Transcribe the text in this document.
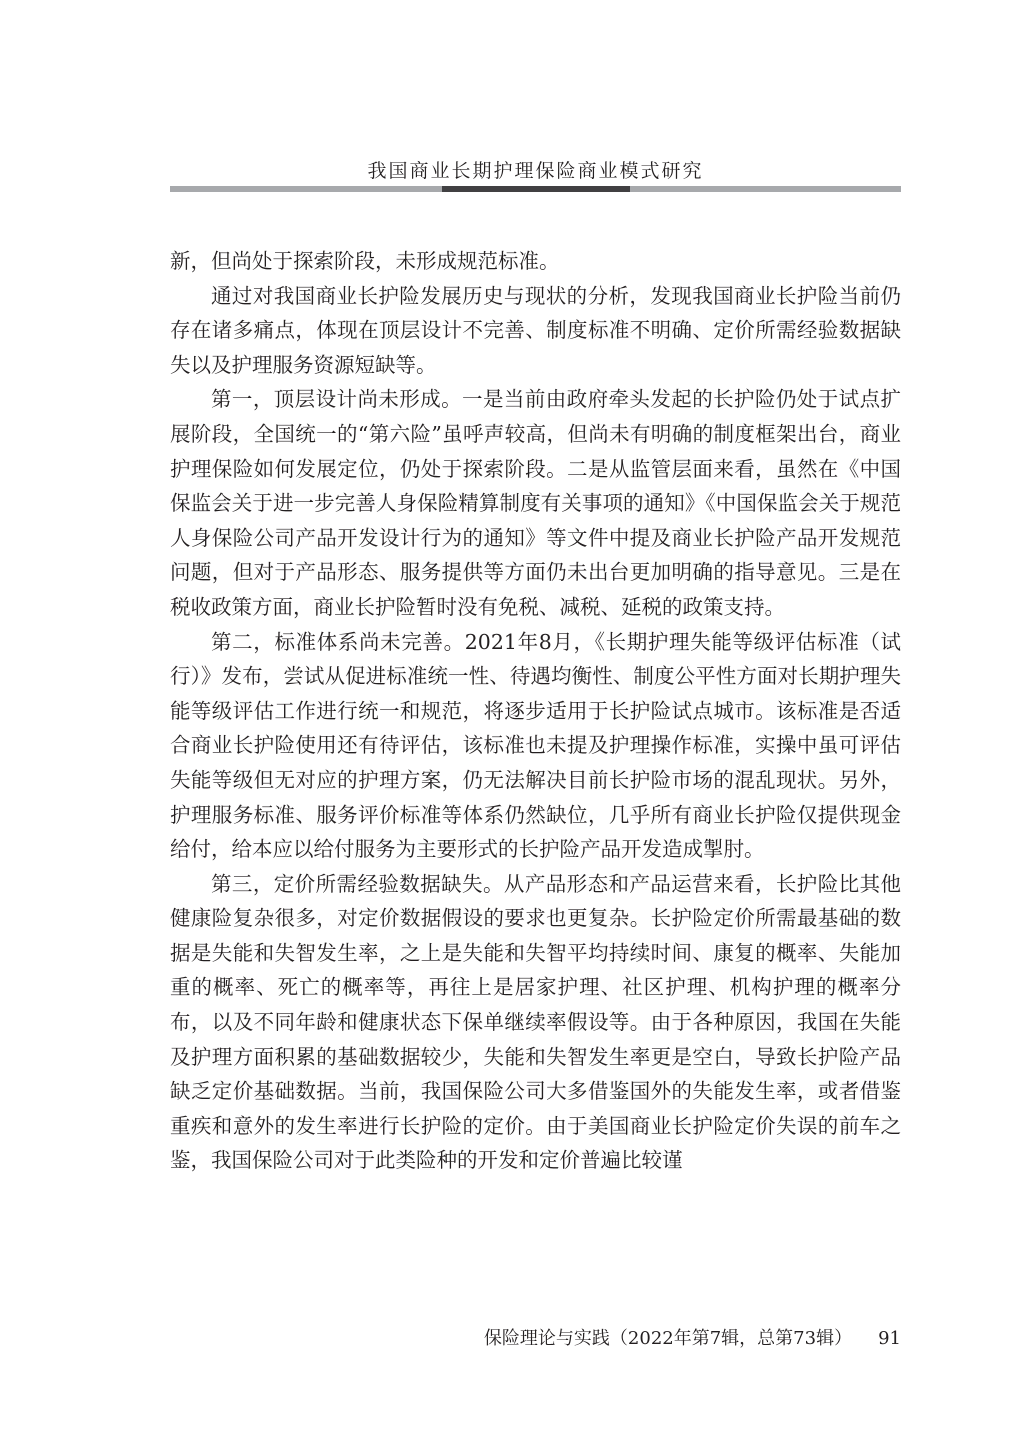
我国商业长期护理保险商业模式研究

新，但尚处于探索阶段，未形成规范标准。

通过对我国商业长护险发展历史与现状的分析，发现我国商业长护险当前仍存在诸多痛点，体现在顶层设计不完善、制度标准不明确、定价所需经验数据缺失以及护理服务资源短缺等。

第一，顶层设计尚未形成。一是当前由政府牵头发起的长护险仍处于试点扩展阶段，全国统一的“第六险”虽呼声较高，但尚未有明确的制度框架出台，商业护理保险如何发展定位，仍处于探索阶段。二是从监管层面来看，虽然在《中国保监会关于进一步完善人身保险精算制度有关事项的通知》《中国保监会关于规范人身保险公司产品开发设计行为的通知》等文件中提及商业长护险产品开发规范问题，但对于产品形态、服务提供等方面仍未出台更加明确的指导意见。三是在税收政策方面，商业长护险暂时没有免税、减税、延税的政策支持。

第二，标准体系尚未完善。2021年8月，《长期护理失能等级评估标准（试行）》发布，尝试从促进标准统一性、待遇均衡性、制度公平性方面对长期护理失能等级评估工作进行统一和规范，将逐步适用于长护险试点城市。该标准是否适合商业长护险使用还有待评估，该标准也未提及护理操作标准，实操中虽可评估失能等级但无对应的护理方案，仍无法解决目前长护险市场的混乱现状。另外，护理服务标准、服务评价标准等体系仍然缺位，几乎所有商业长护险仅提供现金给付，给本应以给付服务为主要形式的长护险产品开发造成掣肘。

第三，定价所需经验数据缺失。从产品形态和产品运营来看，长护险比其他健康险复杂很多，对定价数据假设的要求也更复杂。长护险定价所需最基础的数据是失能和失智发生率，之上是失能和失智平均持续时间、康复的概率、失能加重的概率、死亡的概率等，再往上是居家护理、社区护理、机构护理的概率分布，以及不同年龄和健康状态下保单继续率假设等。由于各种原因，我国在失能及护理方面积累的基础数据较少，失能和失智发生率更是空白，导致长护险产品缺乏定价基础数据。当前，我国保险公司大多借鉴国外的失能发生率，或者借鉴重疾和意外的发生率进行长护险的定价。由于美国商业长护险定价失误的前车之鉴，我国保险公司对于此类险种的开发和定价普遍比较谨

保险理论与实践（2022年第7辑，总第73辑） 91
